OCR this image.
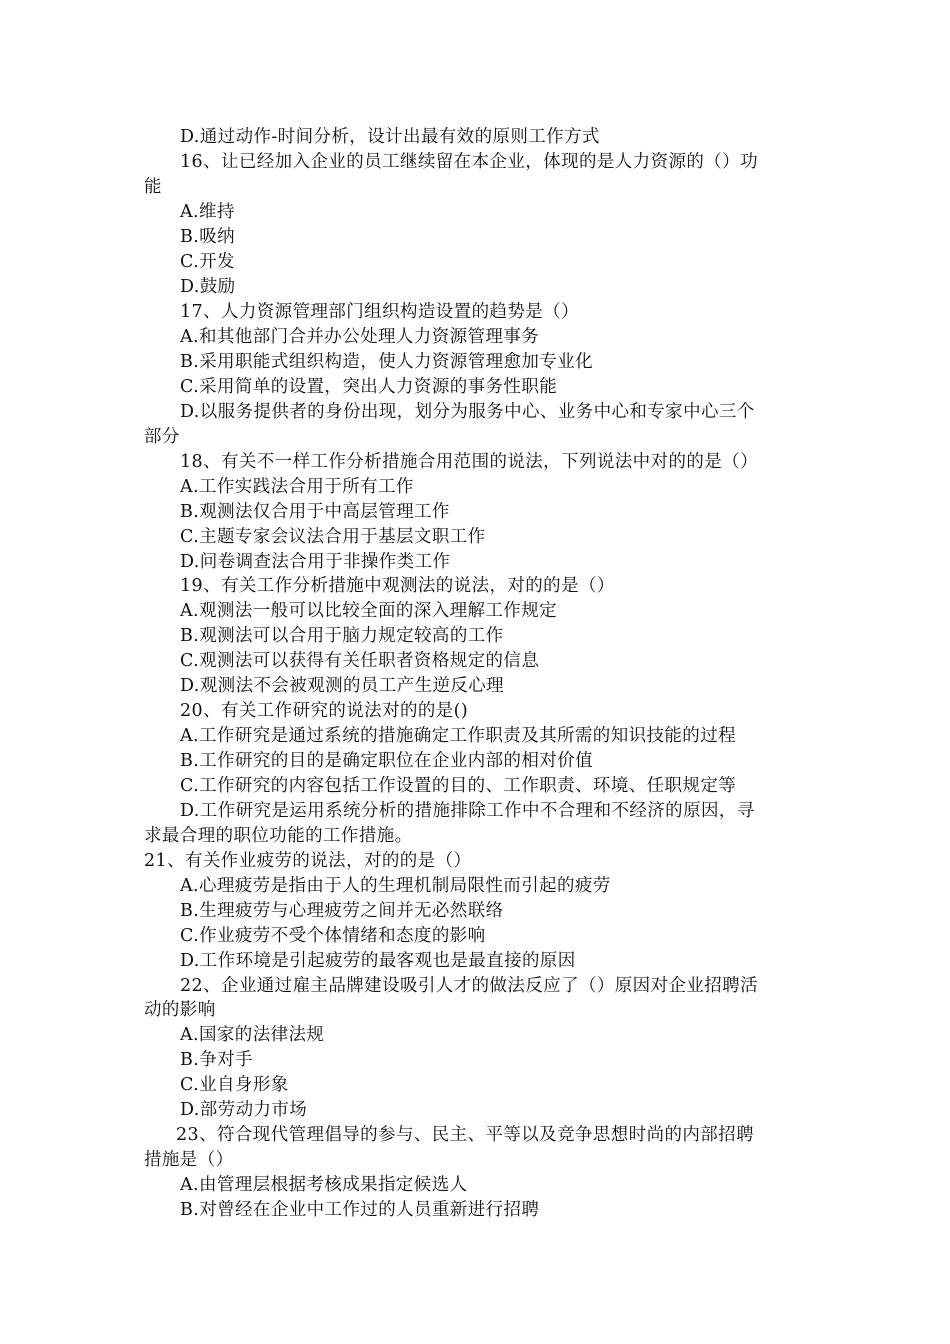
D.通过动作-时间分析，设计出最有效的原则工作方式
16、让已经加入企业的员工继续留在本企业，体现的是人力资源的（）功
能
A.维持
B.吸纳
C.开发
D.鼓励
17、人力资源管理部门组织构造设置的趋势是（）
A.和其他部门合并办公处理人力资源管理事务
B.采用职能式组织构造，使人力资源管理愈加专业化
C.采用简单的设置，突出人力资源的事务性职能
D.以服务提供者的身份出现，划分为服务中心、业务中心和专家中心三个
部分
18、有关不一样工作分析措施合用范围的说法，下列说法中对的的是（）
A.工作实践法合用于所有工作
B.观测法仅合用于中高层管理工作
C.主题专家会议法合用于基层文职工作
D.问卷调查法合用于非操作类工作
19、有关工作分析措施中观测法的说法，对的的是（）
A.观测法一般可以比较全面的深入理解工作规定
B.观测法可以合用于脑力规定较高的工作
C.观测法可以获得有关任职者资格规定的信息
D.观测法不会被观测的员工产生逆反心理
20、有关工作研究的说法对的的是()
A.工作研究是通过系统的措施确定工作职责及其所需的知识技能的过程
B.工作研究的目的是确定职位在企业内部的相对价值
C.工作研究的内容包括工作设置的目的、工作职责、环境、任职规定等
D.工作研究是运用系统分析的措施排除工作中不合理和不经济的原因，寻
求最合理的职位功能的工作措施。
21、有关作业疲劳的说法，对的的是（）
A.心理疲劳是指由于人的生理机制局限性而引起的疲劳
B.生理疲劳与心理疲劳之间并无必然联络
C.作业疲劳不受个体情绪和态度的影响
D.工作环境是引起疲劳的最客观也是最直接的原因
22、企业通过雇主品牌建设吸引人才的做法反应了（）原因对企业招聘活
动的影响
A.国家的法律法规
B.争对手
C.业自身形象
D.部劳动力市场
23、符合现代管理倡导的参与、民主、平等以及竞争思想时尚的内部招聘
措施是（）
A.由管理层根据考核成果指定候选人
B.对曾经在企业中工作过的人员重新进行招聘
